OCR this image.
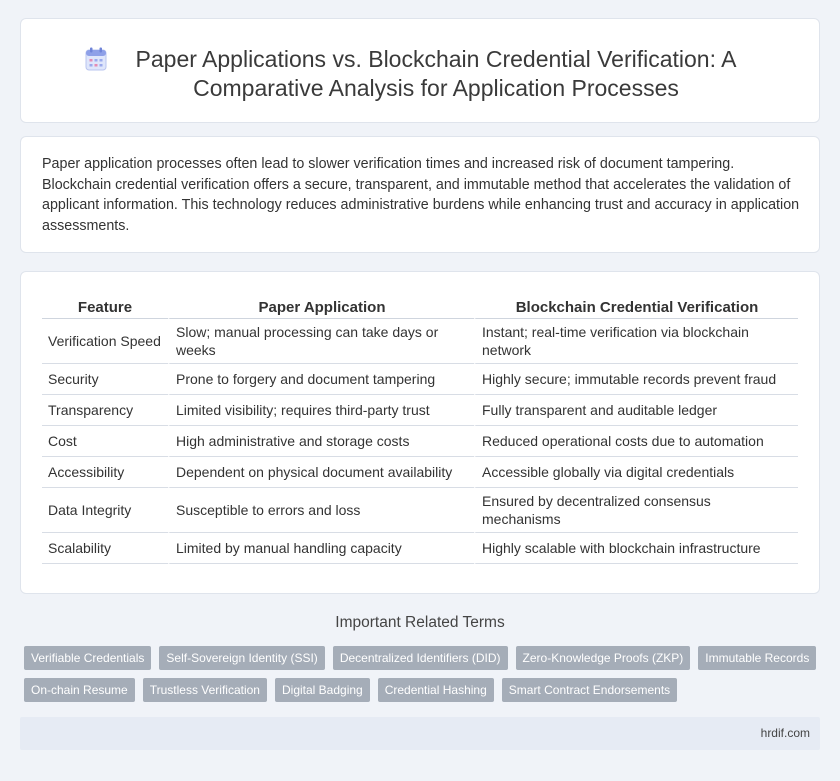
Paper Applications vs. Blockchain Credential Verification: A Comparative Analysis for Application Processes

Paper application processes often lead to slower verification times and increased risk of document tampering. Blockchain credential verification offers a secure, transparent, and immutable method that accelerates the validation of applicant information. This technology reduces administrative burdens while enhancing trust and accuracy in application assessments.

Feature	Paper Application	Blockchain Credential Verification
Verification Speed	Slow; manual processing can take days or weeks	Instant; real-time verification via blockchain network
Security	Prone to forgery and document tampering	Highly secure; immutable records prevent fraud
Transparency	Limited visibility; requires third-party trust	Fully transparent and auditable ledger
Cost	High administrative and storage costs	Reduced operational costs due to automation
Accessibility	Dependent on physical document availability	Accessible globally via digital credentials
Data Integrity	Susceptible to errors and loss	Ensured by decentralized consensus mechanisms
Scalability	Limited by manual handling capacity	Highly scalable with blockchain infrastructure
Important Related Terms
Verifiable Credentials	Self-Sovereign Identity (SSI)	Decentralized Identifiers (DID)	Zero-Knowledge Proofs (ZKP)	Immutable Records
On-chain Resume	Trustless Verification	Digital Badging	Credential Hashing	Smart Contract Endorsements
hrdif.com
